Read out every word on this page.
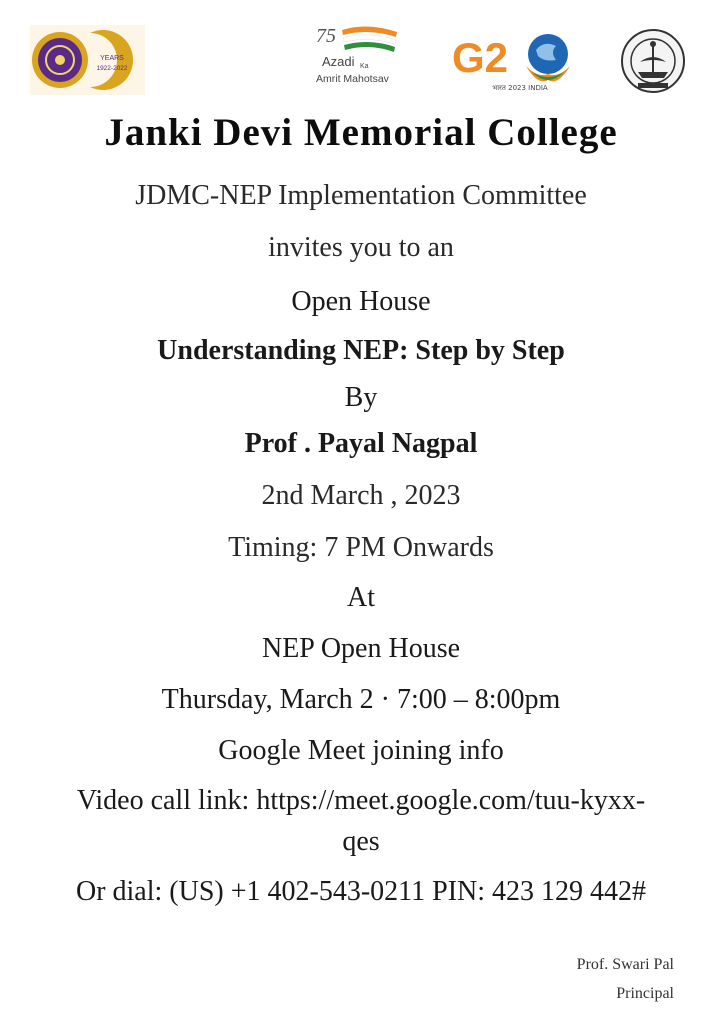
YEARS
1922-2022
75
Azadi Ka
Amrit Mahotsav G2
भारत 2023 INDIA
Janki Devi Memorial College
JDMC-NEP Implementation Committee
invites you to an
Open House
Understanding NEP: Step by Step
By
Prof . Payal Nagpal
2nd March , 2023
Timing: 7 PM Onwards
At
NEP Open House
Thursday, March 2 · 7:00 – 8:00pm
Google Meet joining info
Video call link: https://meet.google.com/tuu-kyxx-
qes
Or dial: (US) +1 402-543-0211 PIN: 423 129 442#
Prof. Swari Pal
Principal
